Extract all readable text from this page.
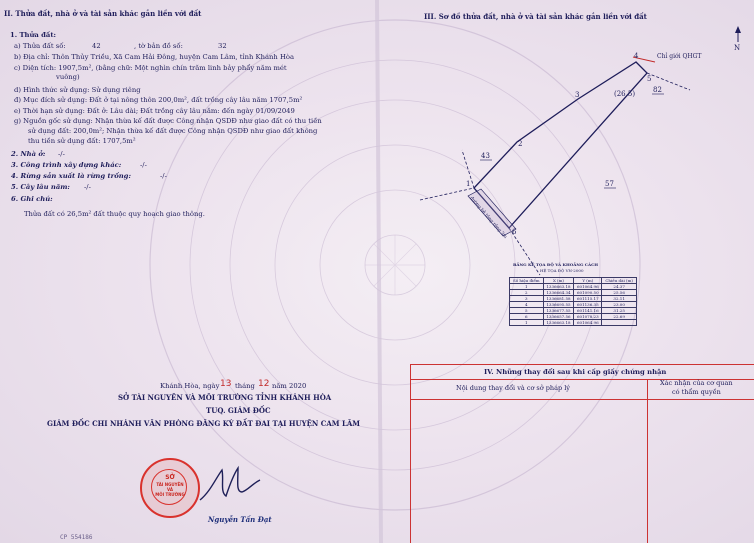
II. Thửa đất, nhà ở và tài sản khác gắn liền với đất
1. Thửa đất:
a) Thửa đất số:	42	, tờ bản đồ số:	32
b) Địa chỉ: Thôn Thủy Triều, Xã Cam Hải Đông, huyện Cam Lâm, tỉnh Khánh Hòa
c) Diện tích: 1907,5m², (bằng chữ: Một nghìn chín trăm linh bảy phẩy năm mét
vuông)
d) Hình thức sử dụng: Sử dụng riêng
đ) Mục đích sử dụng: Đất ở tại nông thôn 200,0m², đất trồng cây lâu năm 1707,5m²
e) Thời hạn sử dụng: Đất ở: Lâu dài; Đất trồng cây lâu năm: đến ngày 01/09/2049
g) Nguồn gốc sử dụng: Nhận thừa kế đất được Công nhận QSDĐ như giao đất có thu tiền
sử dụng đất: 200,0m²; Nhận thừa kế đất được Công nhận QSDĐ như giao đất không
thu tiền sử dụng đất: 1707,5m²
2. Nhà ở: -/-
3. Công trình xây dựng khác:	-/-
4. Rừng sản xuất là rừng trồng:	-/-
5. Cây lâu năm: -/-
6. Ghi chú:
Thửa đất có 26,5m² đất thuộc quy hoạch giao thông.
Khánh Hòa, ngày 13 tháng 12 năm 2020
SỞ TÀI NGUYÊN VÀ MÔI TRƯỜNG TỈNH KHÁNH HÒA
TUQ. GIÁM ĐỐC
GIÁM ĐỐC CHI NHÁNH VĂN PHÒNG ĐĂNG KÝ ĐẤT ĐAI TẠI HUYỆN CAM LÂM
SỞ
TÀI NGUYÊN
VÀ
MÔI TRƯỜNG
Nguyễn Tấn Đạt
CP 554186
III. Sơ đồ thửa đất, nhà ở và tài sản khác gắn liền với đất
N
1
2
3
4
5
6
Chỉ giới QHGT
(26.5)	82
43
57
đường bê tông rộng 3m
BẢNG KÊ TỌA ĐỘ VÀ KHOẢNG CÁCH
HỆ TỌA ĐỘ VN-2000
Số hiệu điểm	X (m)	Y (m)	Chiều dài (m)
1	1336663.18	601064.96	24.37
2	1336664.34	601090.50	25.56
3	1336681.58	601115.17	32.11
4	1336695.55	601136.35	23.00
5	1336677.55	601141.16	31.25
6	1336657.56	601078.23	22.69
1	1336663.18	601064.96	
IV. Những thay đổi sau khi cấp giấy chứng nhận
Nội dung thay đổi và cơ sở pháp lý
Xác nhận của cơ quan
có thẩm quyền
